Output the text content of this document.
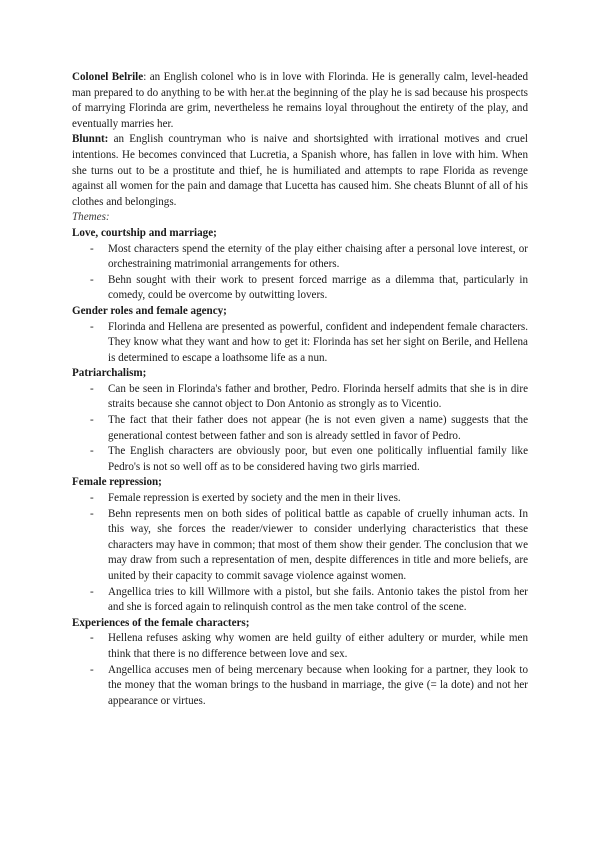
Colonel Belrile: an English colonel who is in love with Florinda. He is generally calm, level-headed man prepared to do anything to be with her.at the beginning of the play he is sad because his prospects of marrying Florinda are grim, nevertheless he remains loyal throughout the entirety of the play, and eventually marries her.

Blunnt: an English countryman who is naive and shortsighted with irrational motives and cruel intentions. He becomes convinced that Lucretia, a Spanish whore, has fallen in love with him. When she turns out to be a prostitute and thief, he is humiliated and attempts to rape Florida as revenge against all women for the pain and damage that Lucetta has caused him. She cheats Blunnt of all of his clothes and belongings.

Themes:

Love, courtship and marriage;

- Most characters spend the eternity of the play either chaising after a personal love interest, or orchestraining matrimonial arrangements for others.
- Behn sought with their work to present forced marrige as a dilemma that, particularly in comedy, could be overcome by outwitting lovers.

Gender roles and female agency;

- Florinda and Hellena are presented as powerful, confident and independent female characters. They know what they want and how to get it: Florinda has set her sight on Berile, and Hellena is determined to escape a loathsome life as a nun.

Patriarchalism;

- Can be seen in Florinda's father and brother, Pedro. Florinda herself admits that she is in dire straits because she cannot object to Don Antonio as strongly as to Vicentio.
- The fact that their father does not appear (he is not even given a name) suggests that the generational contest between father and son is already settled in favor of Pedro.
- The English characters are obviously poor, but even one politically influential family like Pedro's is not so well off as to be considered having two girls married.

Female repression;

- Female repression is exerted by society and the men in their lives.
- Behn represents men on both sides of political battle as capable of cruelly inhuman acts. In this way, she forces the reader/viewer to consider underlying characteristics that these characters may have in common; that most of them show their gender. The conclusion that we may draw from such a representation of men, despite differences in title and more beliefs, are united by their capacity to commit savage violence against women.
- Angellica tries to kill Willmore with a pistol, but she fails. Antonio takes the pistol from her and she is forced again to relinquish control as the men take control of the scene.

Experiences of the female characters;

- Hellena refuses asking why women are held guilty of either adultery or murder, while men think that there is no difference between love and sex.
- Angellica accuses men of being mercenary because when looking for a partner, they look to the money that the woman brings to the husband in marriage, the give (= la dote) and not her appearance or virtues.
